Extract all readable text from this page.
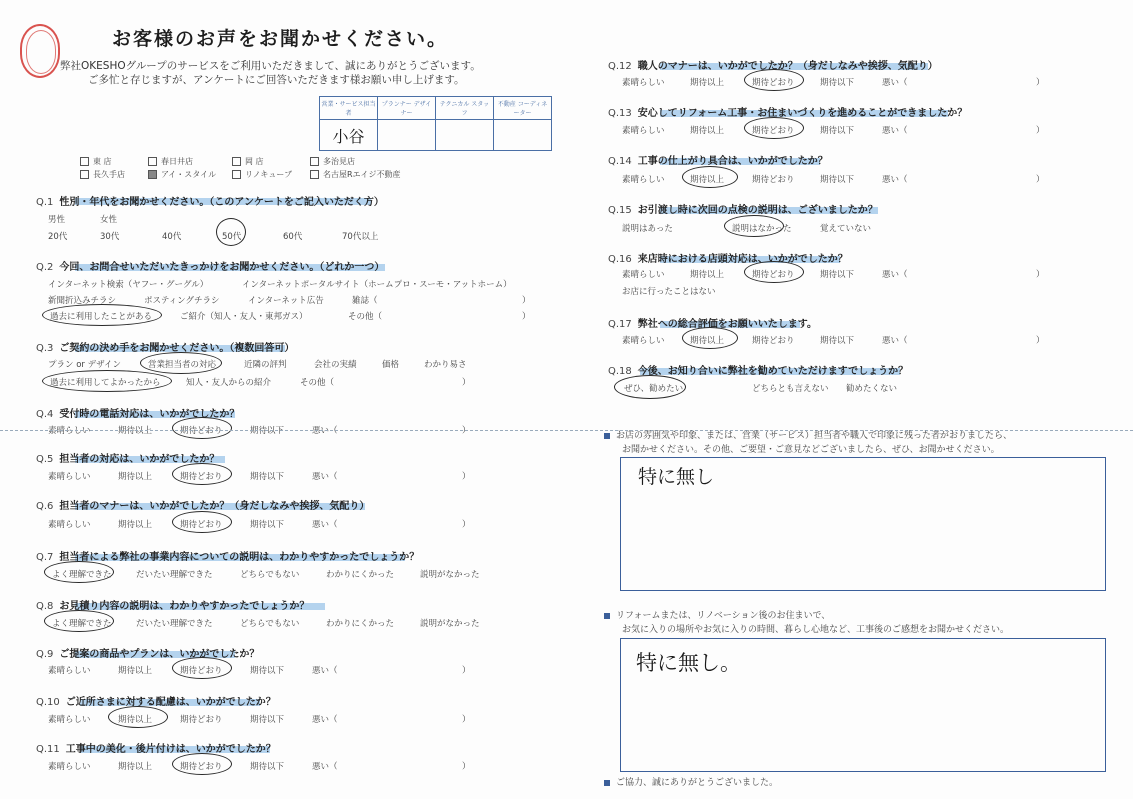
お客様のお声をお聞かせください。
弊社OKESHOグループのサービスをご利用いただきまして、誠にありがとうございます。
ご多忙と存じますが、アンケートにご回答いただきます様お願い申し上げます。
営業・サービス担当者	プランナー デザイナー	テクニカル スタッフ	不動産 コーディネーター
小谷			
東 店	春日井店	岡 店	多治見店
長久手店	アイ・スタイル	リノキューブ	名古屋Rエイジ不動産
Q.1 性別・年代をお聞かせください。（このアンケートをご記入いただく方）
男性	女性
20代	30代	40代	50代	60代	70代以上
Q.2 今回、お問合せいただいたきっかけをお聞かせください。（どれか一つ）
インターネット検索（ヤフー・グーグル）	インターネットポータルサイト（ホームプロ・スーモ・アットホーム）
新聞折込みチラシ	ポスティングチラシ	インターネット広告	雑誌（	）
過去に利用したことがある	ご紹介（知人・友人・東邦ガス）	その他（	）
Q.3 ご契約の決め手をお聞かせください。（複数回答可）
プラン or デザイン	営業担当者の対応	近隣の評判	会社の実績	価格	わかり易さ
過去に利用してよかったから	知人・友人からの紹介	その他（	）
Q.4 受付時の電話対応は、いかがでしたか？
素晴らしい	期待以上	期待どおり	期待以下	悪い（	）
Q.5 担当者の対応は、いかがでしたか？
素晴らしい	期待以上	期待どおり	期待以下	悪い（	）
Q.6 担当者のマナーは、いかがでしたか？（身だしなみや挨拶、気配り）
素晴らしい	期待以上	期待どおり	期待以下	悪い（	）
Q.7 担当者による弊社の事業内容についての説明は、わかりやすかったでしょうか？
よく理解できた	だいたい理解できた	どちらでもない	わかりにくかった	説明がなかった
Q.8 お見積り内容の説明は、わかりやすかったでしょうか？
よく理解できた	だいたい理解できた	どちらでもない	わかりにくかった	説明がなかった
Q.9 ご提案の商品やプランは、いかがでしたか？
素晴らしい	期待以上	期待どおり	期待以下	悪い（	）
Q.10 ご近所さまに対する配慮は、いかがでしたか？
素晴らしい	期待以上	期待どおり	期待以下	悪い（	）
Q.11 工事中の美化・後片付けは、いかがでしたか？
素晴らしい	期待以上	期待どおり	期待以下	悪い（	）
Q.12 職人のマナーは、いかがでしたか？（身だしなみや挨拶、気配り）
素晴らしい	期待以上	期待どおり	期待以下	悪い（	）
Q.13 安心してリフォーム工事・お住まいづくりを進めることができましたか？
素晴らしい	期待以上	期待どおり	期待以下	悪い（	）
Q.14 工事の仕上がり具合は、いかがでしたか？
素晴らしい	期待以上	期待どおり	期待以下	悪い（	）
Q.15 お引渡し時に次回の点検の説明は、ございましたか？
説明はあった	説明はなかった	覚えていない
Q.16 来店時における店頭対応は、いかがでしたか？
素晴らしい	期待以上	期待どおり	期待以下	悪い（	）
お店に行ったことはない
Q.17 弊社への総合評価をお願いいたします。
素晴らしい	期待以上	期待どおり	期待以下	悪い（	）
Q.18 今後、お知り合いに弊社を勧めていただけますでしょうか？
ぜひ、勧めたい	どちらとも言えない 勧めたくない
お店の雰囲気や印象、または、営業（サービス）担当者や職人で印象に残った者がおりましたら、
お聞かせください。その他、ご要望・ご意見などございましたら、ぜひ、お聞かせください。
特に無し
リフォームまたは、リノベーション後のお住まいで、
お気に入りの場所やお気に入りの時間、暮らし心地など、工事後のご感想をお聞かせください。
特に無し。
ご協力、誠にありがとうございました。
